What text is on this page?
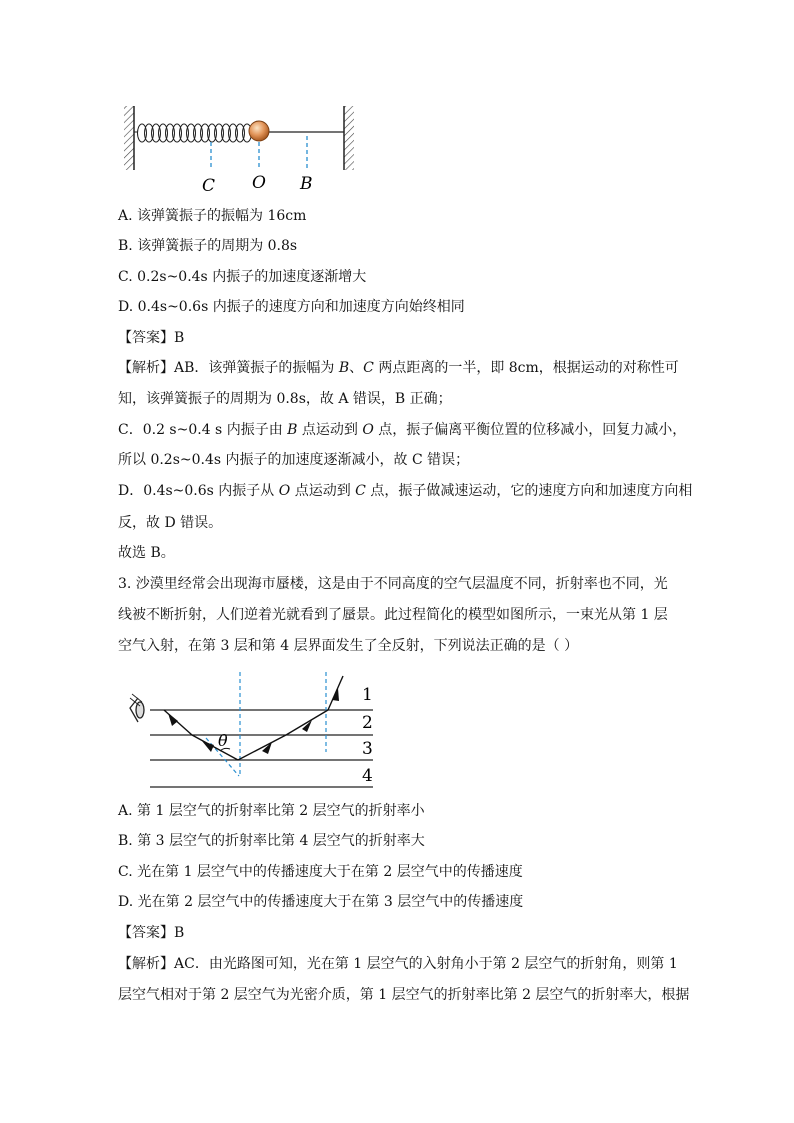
C O B
A. 该弹簧振子的振幅为 16cm
B. 该弹簧振子的周期为 0.8s
C. 0.2s~0.4s 内振子的加速度逐渐增大
D. 0.4s~0.6s 内振子的速度方向和加速度方向始终相同
【答案】B
【解析】AB．该弹簧振子的振幅为 B、C 两点距离的一半，即 8cm，根据运动的对称性可
知，该弹簧振子的周期为 0.8s，故 A 错误，B 正确；
C．0.2 s~0.4 s 内振子由 B 点运动到 O 点，振子偏离平衡位置的位移减小，回复力减小，
所以 0.2s~0.4s 内振子的加速度逐渐减小，故 C 错误；
D．0.4s~0.6s 内振子从 O 点运动到 C 点，振子做减速运动，它的速度方向和加速度方向相
反，故 D 错误。
故选 B。
3. 沙漠里经常会出现海市蜃楼，这是由于不同高度的空气层温度不同，折射率也不同，光
线被不断折射，人们逆着光就看到了蜃景。此过程简化的模型如图所示，一束光从第 1 层
空气入射，在第 3 层和第 4 层界面发生了全反射，下列说法正确的是（ ）
θ
1
2
3
4
A. 第 1 层空气的折射率比第 2 层空气的折射率小
B. 第 3 层空气的折射率比第 4 层空气的折射率大
C. 光在第 1 层空气中的传播速度大于在第 2 层空气中的传播速度
D. 光在第 2 层空气中的传播速度大于在第 3 层空气中的传播速度
【答案】B
【解析】AC．由光路图可知，光在第 1 层空气的入射角小于第 2 层空气的折射角，则第 1
层空气相对于第 2 层空气为光密介质，第 1 层空气的折射率比第 2 层空气的折射率大，根据
